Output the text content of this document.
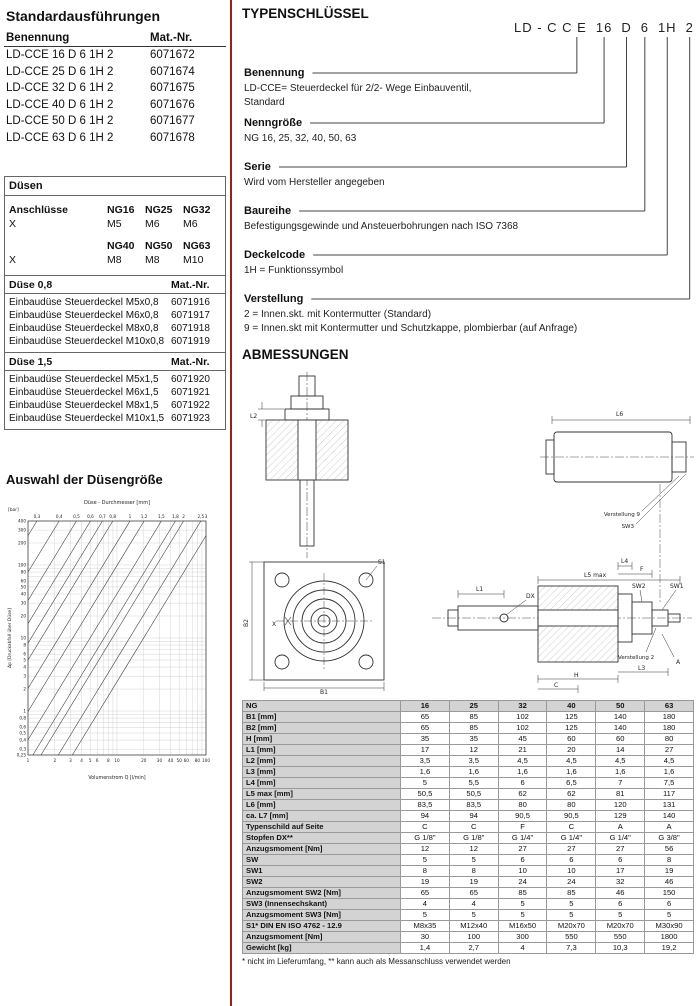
Standardausführungen
Benennung	Mat.-Nr.
LD-CCE 16 D 6 1H 2	6071672
LD-CCE 25 D 6 1H 2	6071674
LD-CCE 32 D 6 1H 2	6071675
LD-CCE 40 D 6 1H 2	6071676
LD-CCE 50 D 6 1H 2	6071677
LD-CCE 63 D 6 1H 2	6071678
Düsen
Anschlüsse	NG16	NG25	NG32
X	M5	M6	M6
NG40	NG50	NG63
X	M8	M8	M10
Düse 0,8	Mat.-Nr.
Einbaudüse Steuerdeckel M5x0,8	6071916
Einbaudüse Steuerdeckel M6x0,8	6071917
Einbaudüse Steuerdeckel M8x0,8	6071918
Einbaudüse Steuerdeckel M10x0,8 6071919
Düse 1,5	Mat.-Nr.
Einbaudüse Steuerdeckel M5x1,5	6071920
Einbaudüse Steuerdeckel M6x1,5	6071921
Einbaudüse Steuerdeckel M8x1,5	6071922
Einbaudüse Steuerdeckel M10x1,5 6071923
Auswahl der Düsengröße
1	2	3 4 5 6 8 10	20 30 40 50 60 80 100
400
300
200
100
80
60
50
40
30
20
10
8
6
5
4
3
2
1
0,8
0,6
0,5
0,4
0,3
0,25
0,3	0,4	0,5 0,6 0,7 0,8	1 1,2	1,5 1,8 2	2,5 3
Düse - Durchmesser [mm]
Volumenstrom Q [l/min]
[bar]
Δp [Druckabfall über Düse]
TYPENSCHLÜSSEL
LD - C C E 16 D 6 1H 2
Benennung
LD-CCE= Steuerdeckel für 2/2- Wege Einbauventil,
Standard
Nenngröße
NG 16, 25, 32, 40, 50, 63
Serie
Wird vom Hersteller angegeben
Baureihe
Befestigungsgewinde und Ansteuerbohrungen nach ISO 7368
Deckelcode
1H = Funktionssymbol
Verstellung
2 = Innen.skt. mit Kontermutter (Standard)
9 = Innen.skt mit Kontermutter und Schutzkappe, plombierbar (auf Anfrage)
ABMESSUNGEN
L2
S1
X
B2
B1
L6
Verstellung 9
SW3
L1
DX
L4
F
L5 max
SW2	SW1
Verstellung 2
A
L3
H
C
NG	16	25	32	40	50	63
B1 [mm]	65	85	102	125	140	180
B2 [mm]	65	85	102	125	140	180
H [mm]	35	35	45	60	60	80
L1 [mm]	17	12	21	20	14	27
L2 [mm]	3,5	3,5	4,5	4,5	4,5	4,5
L3 [mm]	1,6	1,6	1,6	1,6	1,6	1,6
L4 [mm]	5	5,5	6	6,5	7	7,5
L5 max [mm]	50,5	50,5	62	62	81	117
L6 [mm]	83,5	83,5	80	80	120	131
ca. L7 [mm]	94	94	90,5	90,5	129	140
Typenschild auf Seite	C	C	F	C	A	A
Stopfen DX**	G 1/8"	G 1/8"	G 1/4"	G 1/4"	G 1/4"	G 3/8"
Anzugsmoment [Nm]	12	12	27	27	27	56
SW	5	5	6	6	6	8
SW1	8	8	10	10	17	19
SW2	19	19	24	24	32	46
Anzugsmoment SW2 [Nm]	65	65	85	85	46	150
SW3 (Innensechskant)	4	4	5	5	6	6
Anzugsmoment SW3 [Nm]	5	5	5	5	5	5
S1* DIN EN ISO 4762 - 12.9	M8x35	M12x40	M16x50	M20x70	M20x70	M30x90
Anzugsmoment [Nm]	30	100	300	550	550	1800
Gewicht [kg]	1,4	2,7	4	7,3	10,3	19,2
* nicht im Lieferumfang, ** kann auch als Messanschluss verwendet werden
